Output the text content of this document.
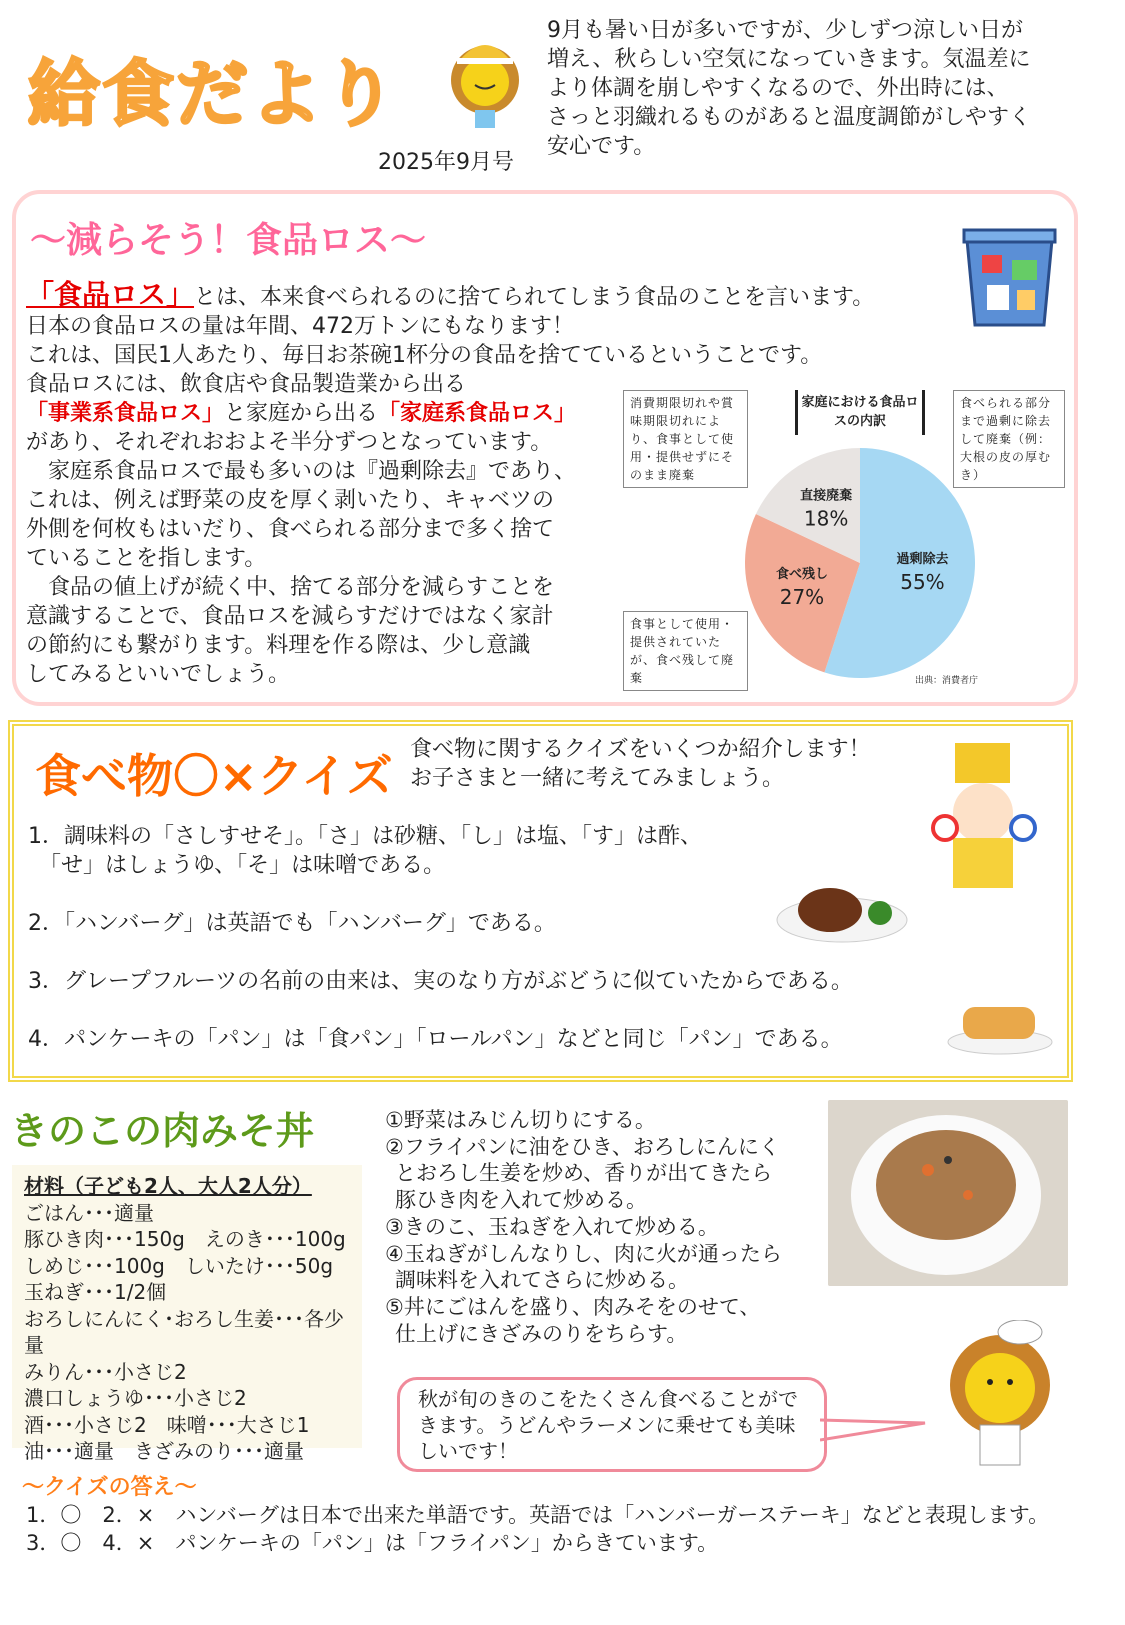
給食だより
2025年9月号
9月も暑い日が多いですが、少しずつ涼しい日が
増え、秋らしい空気になっていきます。気温差に
より体調を崩しやすくなるので、外出時には、
さっと羽織れるものがあると温度調節がしやすく
安心です。
～減らそう！食品ロス～
「食品ロス」とは、本来食べられるのに捨てられてしまう食品のことを言います。
日本の食品ロスの量は年間、472万トンにもなります！
これは、国民1人あたり、毎日お茶碗1杯分の食品を捨てているということです。
食品ロスには、飲食店や食品製造業から出る
「事業系食品ロス」と家庭から出る「家庭系食品ロス」
があり、それぞれおおよそ半分ずつとなっています。
　家庭系食品ロスで最も多いのは『過剰除去』であり、
これは、例えば野菜の皮を厚く剥いたり、キャベツの
外側を何枚もはいだり、食べられる部分まで多く捨て
ていることを指します。
　食品の値上げが続く中、捨てる部分を減らすことを
意識することで、食品ロスを減らすだけではなく家計
の節約にも繋がります。料理を作る際は、少し意識
してみるといいでしょう。
家庭における食品ロスの内訳
過剰除去
55%
食べ残し
27%
直接廃棄
18%
消費期限切れや賞味期限切れにより、食事として使用・提供せずにそのまま廃棄
食べられる部分まで過剰に除去して廃棄（例：大根の皮の厚むき）
食事として使用・提供されていたが、食べ残して廃棄	出典：消費者庁
食べ物〇×クイズ 食べ物に関するクイズをいくつか紹介します！
お子さまと一緒に考えてみましょう。
1．調味料の「さしすせそ」。「さ」は砂糖、「し」は塩、「す」は酢、
　「せ」はしょうゆ、「そ」は味噌である。
2．「ハンバーグ」は英語でも「ハンバーグ」である。
3．グレープフルーツの名前の由来は、実のなり方がぶどうに似ていたからである。
4．パンケーキの「パン」は「食パン」「ロールパン」などと同じ「パン」である。
きのこの肉みそ丼
材料（子ども2人、大人2人分）
ごはん･･･適量
豚ひき肉･･･150g　えのき･･･100g
しめじ･･･100g　しいたけ･･･50g
玉ねぎ･･･1/2個
おろしにんにく･おろし生姜･･･各少量
みりん･･･小さじ2
濃口しょうゆ･･･小さじ2
酒･･･小さじ2　味噌･･･大さじ1
油･･･適量　きざみのり･･･適量
①野菜はみじん切りにする。
②フライパンに油をひき、おろしにんにく
とおろし生姜を炒め、香りが出てきたら
豚ひき肉を入れて炒める。
③きのこ、玉ねぎを入れて炒める。
④玉ねぎがしんなりし、肉に火が通ったら
調味料を入れてさらに炒める。
⑤丼にごはんを盛り、肉みそをのせて、
仕上げにきざみのりをちらす。
秋が旬のきのこをたくさん食べることができます。うどんやラーメンに乗せても美味しいです！
～クイズの答え～
1．〇　2．×　ハンバーグは日本で出来た単語です。英語では「ハンバーガーステーキ」などと表現します。
3．〇　4．×　パンケーキの「パン」は「フライパン」からきています。
